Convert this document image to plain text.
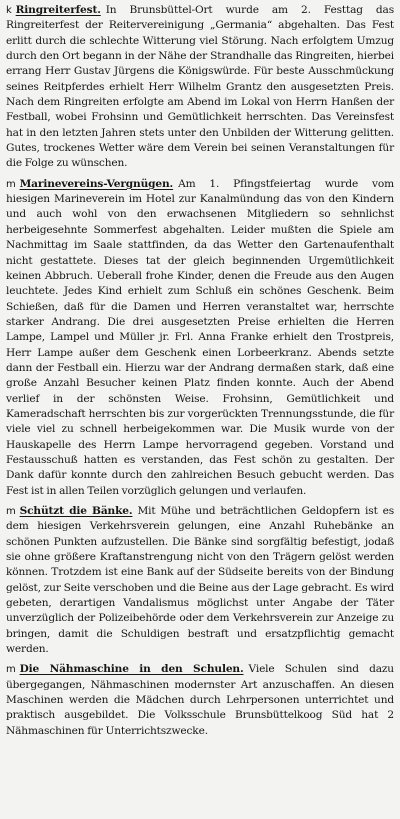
k Ringreiterfest. In Brunsbüttel-Ort wurde am 2. Festtag das Ringreiterfest der Reitervereinigung „Germania“ abgehalten. Das Fest erlitt durch die schlechte Witterung viel Störung. Nach erfolgtem Umzug durch den Ort begann in der Nähe der Strandhalle das Ringreiten, hierbei errang Herr Gustav Jürgens die Königswürde. Für beste Ausschmückung seines Reitpferdes erhielt Herr Wilhelm Grantz den ausgesetzten Preis. Nach dem Ringreiten erfolgte am Abend im Lokal von Herrn Hanßen der Festball, wobei Frohsinn und Gemütlichkeit herrschten. Das Vereinsfest hat in den letzten Jahren stets unter den Unbilden der Witterung gelitten. Gutes, trockenes Wetter wäre dem Verein bei seinen Veranstaltungen für die Folge zu wünschen.

m Marinevereins-Vergnügen. Am 1. Pfingstfeiertag wurde vom hiesigen Marineverein im Hotel zur Kanalmündung das von den Kindern und auch wohl von den erwachsenen Mitgliedern so sehnlichst herbeigesehnte Sommerfest abgehalten. Leider mußten die Spiele am Nachmittag im Saale stattfinden, da das Wetter den Gartenaufenthalt nicht gestattete. Dieses tat der gleich beginnenden Urgemütlichkeit keinen Abbruch. Ueberall frohe Kinder, denen die Freude aus den Augen leuchtete. Jedes Kind erhielt zum Schluß ein schönes Geschenk. Beim Schießen, daß für die Damen und Herren veranstaltet war, herrschte starker Andrang. Die drei ausgesetzten Preise erhielten die Herren Lampe, Lampel und Müller jr. Frl. Anna Franke erhielt den Trostpreis, Herr Lampe außer dem Geschenk einen Lorbeerkranz. Abends setzte dann der Festball ein. Hierzu war der Andrang dermaßen stark, daß eine große Anzahl Besucher keinen Platz finden konnte. Auch der Abend verlief in der schönsten Weise. Frohsinn, Gemütlichkeit und Kameradschaft herrschten bis zur vorgerückten Trennungsstunde, die für viele viel zu schnell herbeigekommen war. Die Musik wurde von der Hauskapelle des Herrn Lampe hervorragend gegeben. Vorstand und Festausschuß hatten es verstanden, das Fest schön zu gestalten. Der Dank dafür konnte durch den zahlreichen Besuch gebucht werden. Das Fest ist in allen Teilen vorzüglich gelungen und verlaufen.

m Schützt die Bänke. Mit Mühe und beträchtlichen Geldopfern ist es dem hiesigen Verkehrsverein gelungen, eine Anzahl Ruhebänke an schönen Punkten aufzustellen. Die Bänke sind sorgfältig befestigt, jodaß sie ohne größere Kraftanstrengung nicht von den Trägern gelöst werden können. Trotzdem ist eine Bank auf der Südseite bereits von der Bindung gelöst, zur Seite verschoben und die Beine aus der Lage gebracht. Es wird gebeten, derartigen Vandalismus möglichst unter Angabe der Täter unverzüglich der Polizeibehörde oder dem Verkehrsverein zur Anzeige zu bringen, damit die Schuldigen bestraft und ersatzpflichtig gemacht werden.

m Die Nähmaschine in den Schulen. Viele Schulen sind dazu übergegangen, Nähmaschinen modernster Art anzuschaffen. An diesen Maschinen werden die Mädchen durch Lehrpersonen unterrichtet und praktisch ausgebildet. Die Volksschule Brunsbüttelkoog Süd hat 2 Nähmaschinen für Unterrichtszwecke.
